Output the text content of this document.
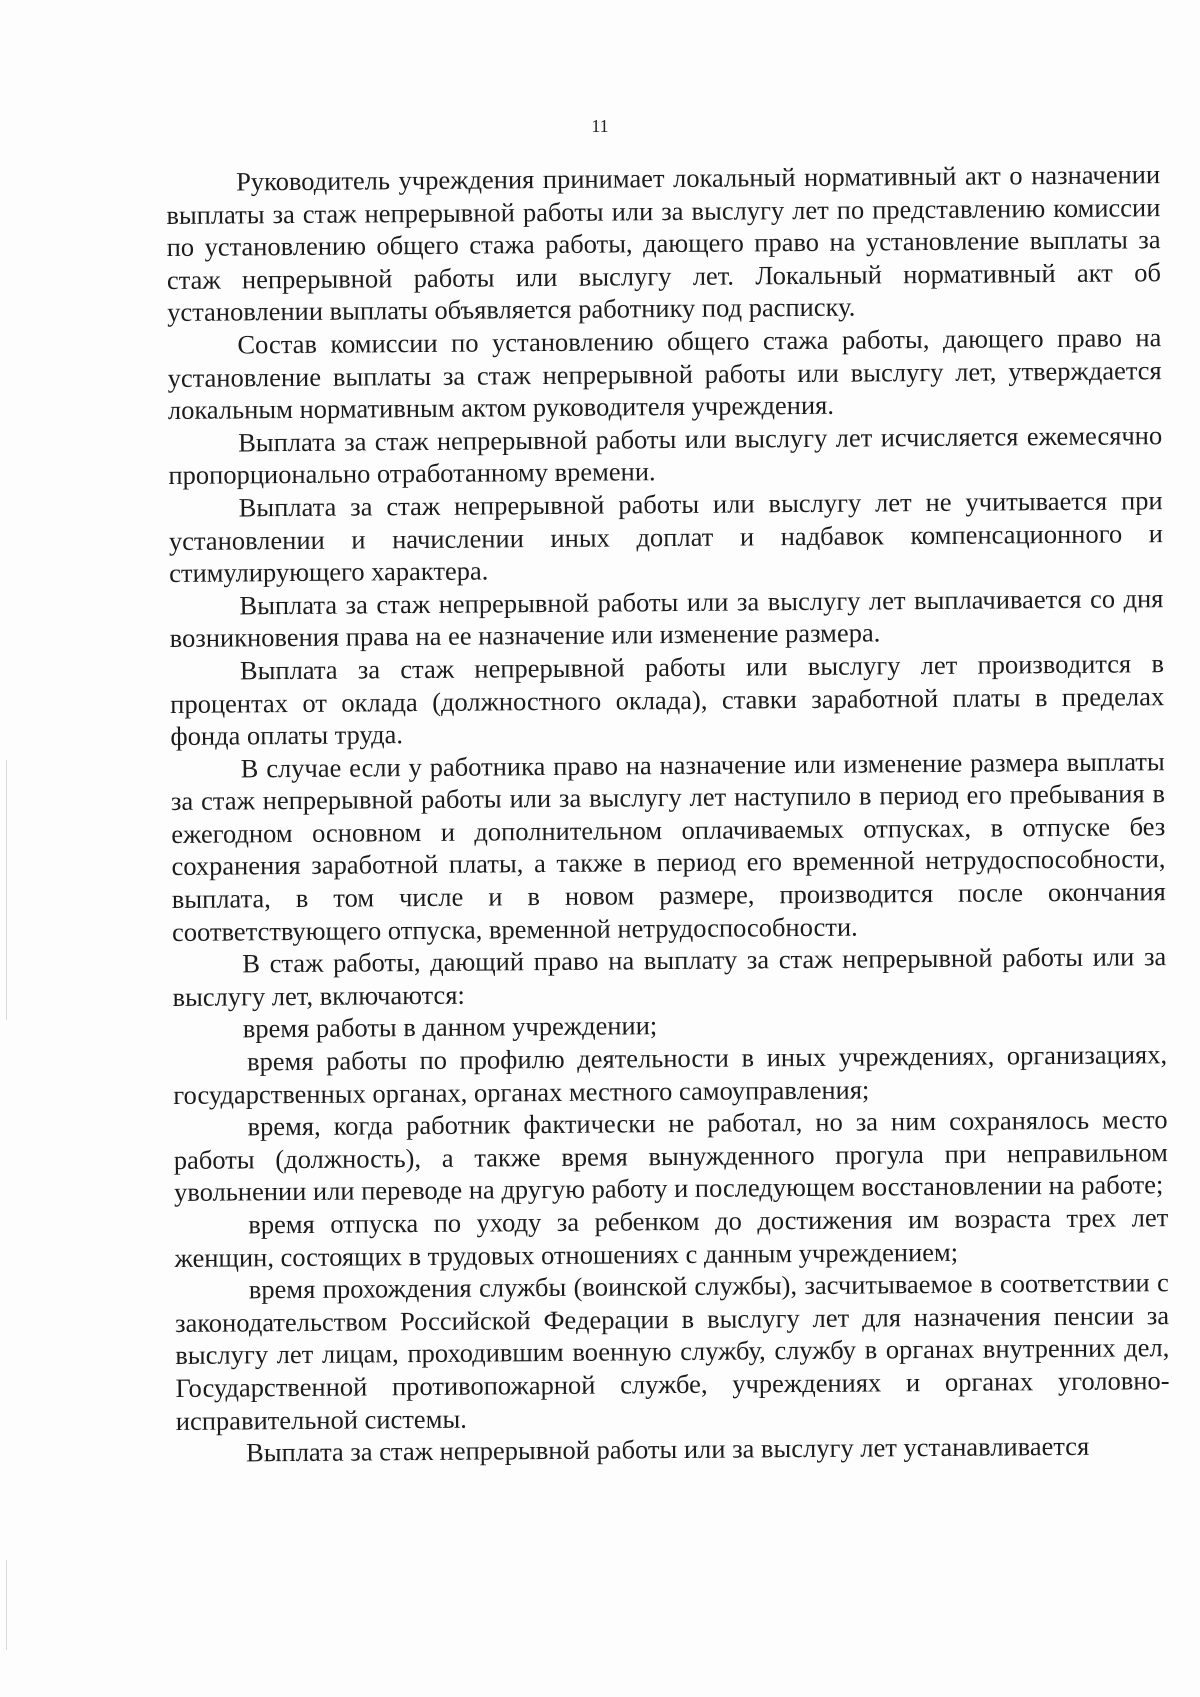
11

Руководитель учреждения принимает локальный нормативный акт о назначении выплаты за стаж непрерывной работы или за выслугу лет по представлению комиссии по установлению общего стажа работы, дающего право на установление выплаты за стаж непрерывной работы или выслугу лет. Локальный нормативный акт об установлении выплаты объявляется работнику под расписку.

Состав комиссии по установлению общего стажа работы, дающего право на установление выплаты за стаж непрерывной работы или выслугу лет, утверждается локальным нормативным актом руководителя учреждения.

Выплата за стаж непрерывной работы или выслугу лет исчисляется ежемесячно пропорционально отработанному времени.

Выплата за стаж непрерывной работы или выслугу лет не учитывается при установлении и начислении иных доплат и надбавок компенсационного и стимулирующего характера.

Выплата за стаж непрерывной работы или за выслугу лет выплачивается со дня возникновения права на ее назначение или изменение размера.

Выплата за стаж непрерывной работы или выслугу лет производится в процентах от оклада (должностного оклада), ставки заработной платы в пределах фонда оплаты труда.

В случае если у работника право на назначение или изменение размера выплаты за стаж непрерывной работы или за выслугу лет наступило в период его пребывания в ежегодном основном и дополнительном оплачиваемых отпусках, в отпуске без сохранения заработной платы, а также в период его временной нетрудоспособности, выплата, в том числе и в новом размере, производится после окончания соответствующего отпуска, временной нетрудоспособности.

В стаж работы, дающий право на выплату за стаж непрерывной работы или за выслугу лет, включаются:

время работы в данном учреждении;

время работы по профилю деятельности в иных учреждениях, организациях, государственных органах, органах местного самоуправления;

время, когда работник фактически не работал, но за ним сохранялось место работы (должность), а также время вынужденного прогула при неправильном увольнении или переводе на другую работу и последующем восстановлении на работе;

время отпуска по уходу за ребенком до достижения им возраста трех лет женщин, состоящих в трудовых отношениях с данным учреждением;

время прохождения службы (воинской службы), засчитываемое в соответствии с законодательством Российской Федерации в выслугу лет для назначения пенсии за выслугу лет лицам, проходившим военную службу, службу в органах внутренних дел, Государственной противопожарной службе, учреждениях и органах уголовно-исправительной системы.

Выплата за стаж непрерывной работы или за выслугу лет устанавливается
